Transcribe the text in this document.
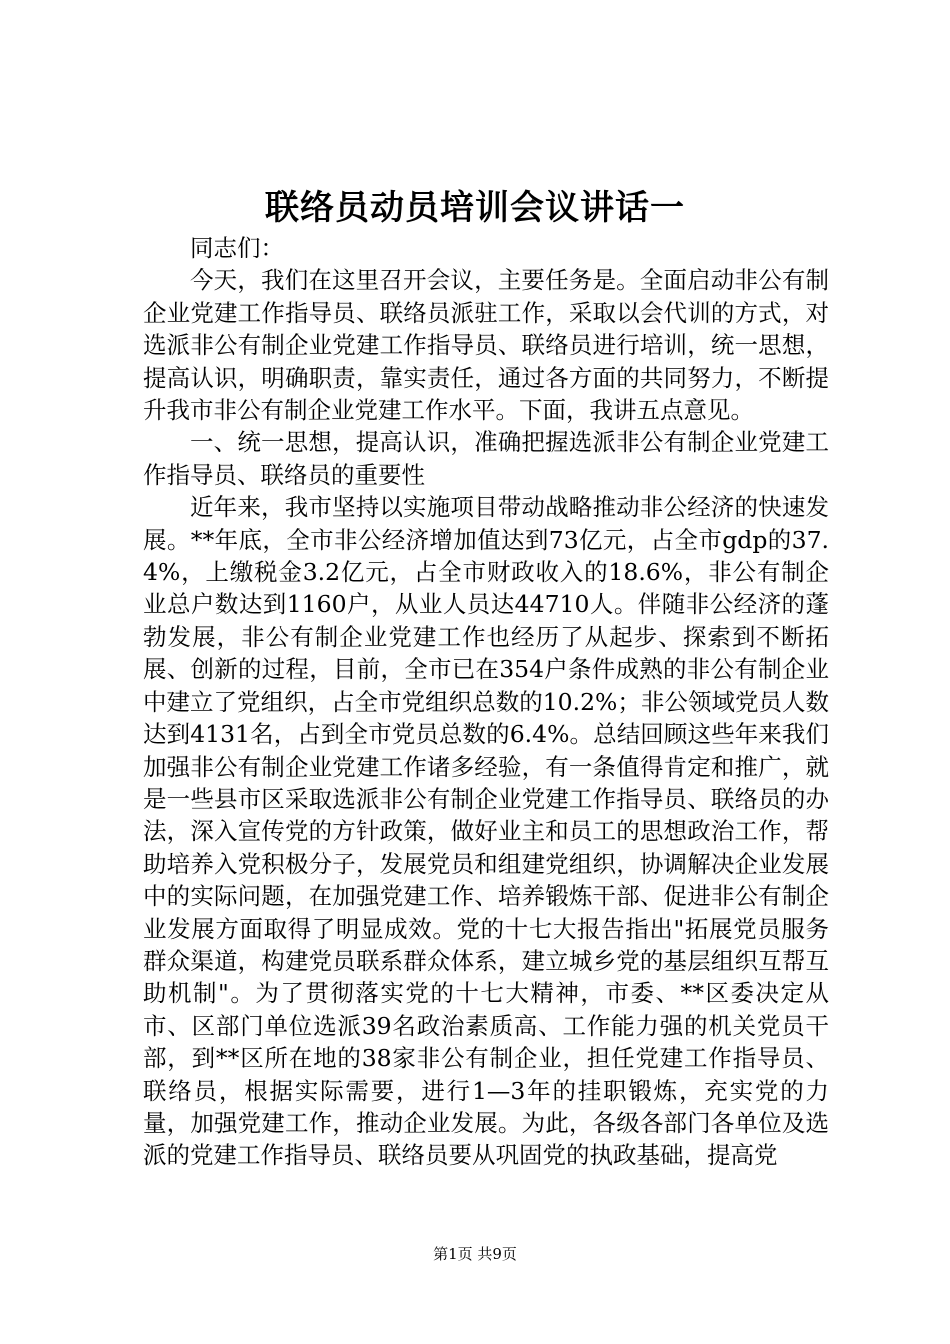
联络员动员培训会议讲话一

同志们：

今天，我们在这里召开会议，主要任务是。全面启动非公有制企业党建工作指导员、联络员派驻工作，采取以会代训的方式，对选派非公有制企业党建工作指导员、联络员进行培训，统一思想，提高认识，明确职责，靠实责任，通过各方面的共同努力，不断提升我市非公有制企业党建工作水平。下面，我讲五点意见。

一、统一思想，提高认识，准确把握选派非公有制企业党建工作指导员、联络员的重要性

近年来，我市坚持以实施项目带动战略推动非公经济的快速发展。**年底，全市非公经济增加值达到73亿元，占全市gdp的37.4%，上缴税金3.2亿元，占全市财政收入的18.6%，非公有制企业总户数达到1160户，从业人员达44710人。伴随非公经济的蓬勃发展，非公有制企业党建工作也经历了从起步、探索到不断拓展、创新的过程，目前，全市已在354户条件成熟的非公有制企业中建立了党组织，占全市党组织总数的10.2%；非公领域党员人数达到4131名，占到全市党员总数的6.4%。总结回顾这些年来我们加强非公有制企业党建工作诸多经验，有一条值得肯定和推广，就是一些县市区采取选派非公有制企业党建工作指导员、联络员的办法，深入宣传党的方针政策，做好业主和员工的思想政治工作，帮助培养入党积极分子，发展党员和组建党组织，协调解决企业发展中的实际问题，在加强党建工作、培养锻炼干部、促进非公有制企业发展方面取得了明显成效。党的十七大报告指出"拓展党员服务群众渠道，构建党员联系群众体系，建立城乡党的基层组织互帮互助机制"。为了贯彻落实党的十七大精神，市委、**区委决定从市、区部门单位选派39名政治素质高、工作能力强的机关党员干部，到**区所在地的38家非公有制企业，担任党建工作指导员、联络员，根据实际需要，进行1—3年的挂职锻炼，充实党的力量，加强党建工作，推动企业发展。为此，各级各部门各单位及选派的党建工作指导员、联络员要从巩固党的执政基础，提高党

第1页 共9页
